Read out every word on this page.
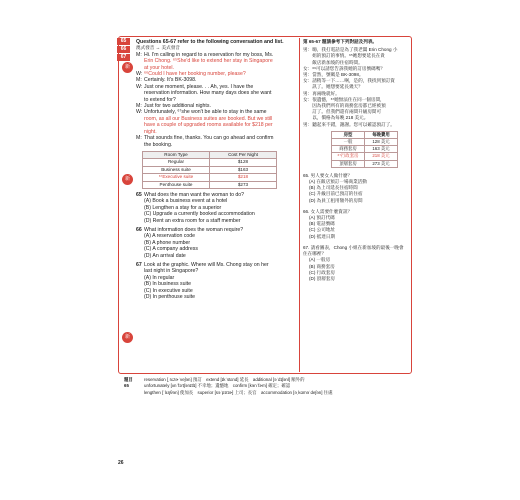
65
66
67
新
新
新
Questions 65-67 refer to the following conversation and list.
澳式發音 → 美式發音
M: Hi. I'm calling in regard to a reservation for my boss, Ms.
Erin Chong. ⁶⁵She'd like to extend her stay in Singapore
at your hotel.
W: ⁶⁶Could I have her booking number, please?
M: Certainly. It's BK-3098.
W: Just one moment, please. . . Ah, yes. I have the
reservation information. How many days does she want
to extend for?
M: Just for two additional nights.
W: Unfortunately, ⁶⁷she won't be able to stay in the same
room, as all our Business suites are booked. But we still
have a couple of upgraded rooms available for $218 per
night.
M: That sounds fine, thanks. You can go ahead and confirm
the booking.
Room Type	Cost Per Night
Regular	$128
Business suite	$163
⁶⁷Executive suite	$218
Penthouse suite	$273
65 What does the man want the woman to do?
(A) Book a business event at a hotel
(B) Lengthen a stay for a superior
(C) Upgrade a currently booked accommodation
(D) Rent an extra room for a staff member
66 What information does the woman require?
(A) A reservation code
(B) A phone number
(C) A company address
(D) An arrival date
67 Look at the graphic. Where will Ms. Chong stay on her
last night in Singapore?
(A) In regular
(B) In business suite
(C) In executive suite
(D) In penthouse suite
第 65-67 題請參考下列對話及列表。
男：嗨，我打電話是為了我老闆 Erin Chong 小
　　姐的預訂的事情。⁶⁵她想要延長在貴
　　飯店新加坡的住宿時間。
女：⁶⁶可以請您告訴我她的訂房號碼嗎？
男：當然，號碼是 BK-3098。
女：請稍等一下……啊，是的，我找到預訂資
　　訊了。她想要延長幾天？
男：再兩晚就好。
女：很遺憾，⁶⁷她無法住在同一個房間，
　　因為我們所有的商務套房都已經被預
　　訂了。但我們還有兩間升級房間可
　　以，價格為每晚 218 美元。
男：聽起來不錯，謝謝。您可以確認預訂了。
房型	每晚費用
一般	128 美元
商務套房	163 美元
⁶⁷行政套房	218 美元
頂層套房	273 美元
65. 男人要女人做什麼？
(A) 在飯店預訂一場商業活動
(B) 為上司延長住宿時間
(C) 升級目前已預訂的住宿
(D) 為員工租用額外的房間
66. 女人需要什麼資訊？
(A) 預訂代碼
(B) 電話號碼
(C) 公司地址
(D) 抵達日期
67. 請看圖表，Chong 小姐在新加坡的最後一晚會住在哪裡？
(A) 一般房
(B) 商務套房
(C) 行政套房
(D) 頂層套房
題目
65
reservation [ˌrɛzɚˈveʃən] 預訂　extend [ɪkˈstɛnd] 延長　additional [əˈdɪʃənl] 額外的
unfortunately [ʌnˈfɔrtʃənɪtlɪ] 不幸地；遺憾地　confirm [kənˈfɝm] 確定；確認
lengthen [ˈlɛŋθən] 使加長　superior [səˈpɪrɪɚ] 上司；長官　accommodation [əˌkɑməˈdeʃən] 住處
26
